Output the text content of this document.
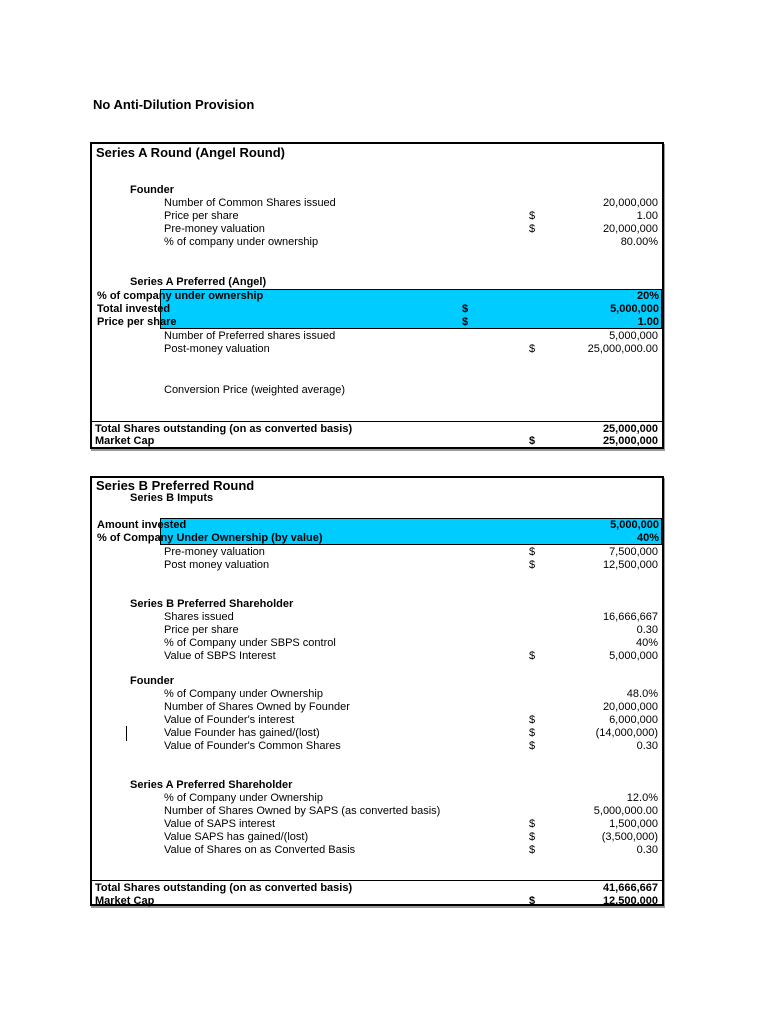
No Anti-Dilution Provision
Series A Round (Angel Round)
Founder
Number of Common Shares issued	20,000,000
Price per share	$	1.00
Pre-money valuation	$	20,000,000
% of company under ownership	80.00%
Series A Preferred (Angel)
% of company under ownership	20%
Total invested	$	5,000,000
Price per share	$	1.00
Number of Preferred shares issued	5,000,000
Post-money valuation	$	25,000,000.00
Conversion Price (weighted average)
Total Shares outstanding (on as converted basis)	25,000,000
Market Cap	$	25,000,000
Series B Preferred Round
Series B Imputs
Amount invested	5,000,000
% of Company Under Ownership (by value)	40%
Pre-money valuation	$	7,500,000
Post money valuation	$	12,500,000
Series B Preferred Shareholder
Shares issued	16,666,667
Price per share	0.30
% of Company under SBPS control	40%
Value of SBPS Interest	$	5,000,000
Founder
% of Company under Ownership	48.0%
Number of Shares Owned by Founder	20,000,000
Value of Founder's interest	$	6,000,000
Value Founder has gained/(lost)	$	(14,000,000)
Value of Founder's Common Shares	$	0.30
Series A Preferred Shareholder
% of Company under Ownership	12.0%
Number of Shares Owned by SAPS (as converted basis)	5,000,000.00
Value of SAPS interest	$	1,500,000
Value SAPS has gained/(lost)	$	(3,500,000)
Value of Shares on as Converted Basis	$	0.30
Total Shares outstanding (on as converted basis)	41,666,667
Market Cap	$	12,500,000
